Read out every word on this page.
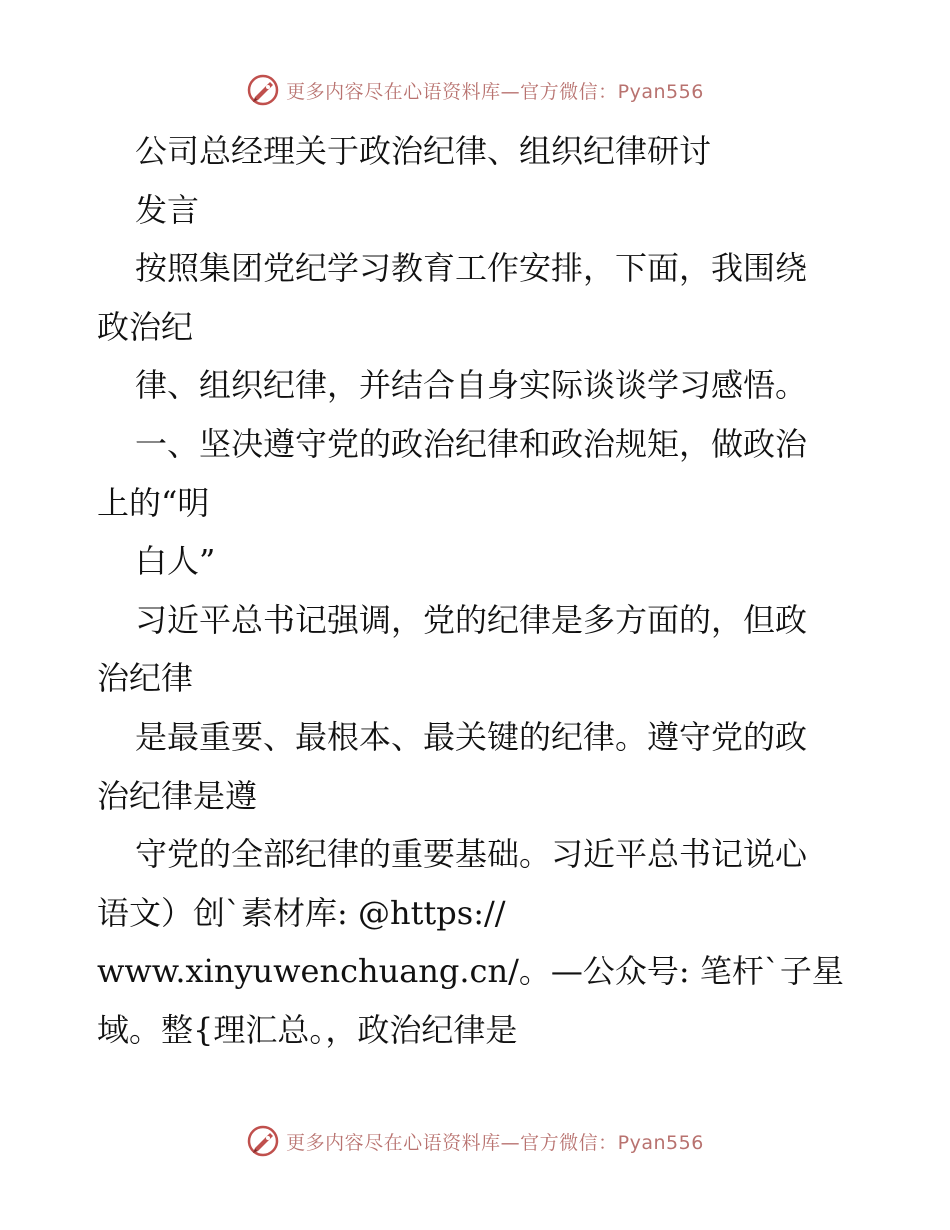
更多内容尽在心语资料库—官方微信：Pyan556
公司总经理关于政治纪律、组织纪律研讨
发言
按照集团党纪学习教育工作安排，下面，我围绕
政治纪
律、组织纪律，并结合自身实际谈谈学习感悟。
一、坚决遵守党的政治纪律和政治规矩，做政治
上的“明
白人”
习近平总书记强调，党的纪律是多方面的，但政
治纪律
是最重要、最根本、最关键的纪律。遵守党的政
治纪律是遵
守党的全部纪律的重要基础。习近平总书记说心
语文）创`素材库: @https://
www.xinyuwenchuang.cn/。—公众号: 笔杆`子星
域。整{理汇总。，政治纪律是
更多内容尽在心语资料库—官方微信：Pyan556
